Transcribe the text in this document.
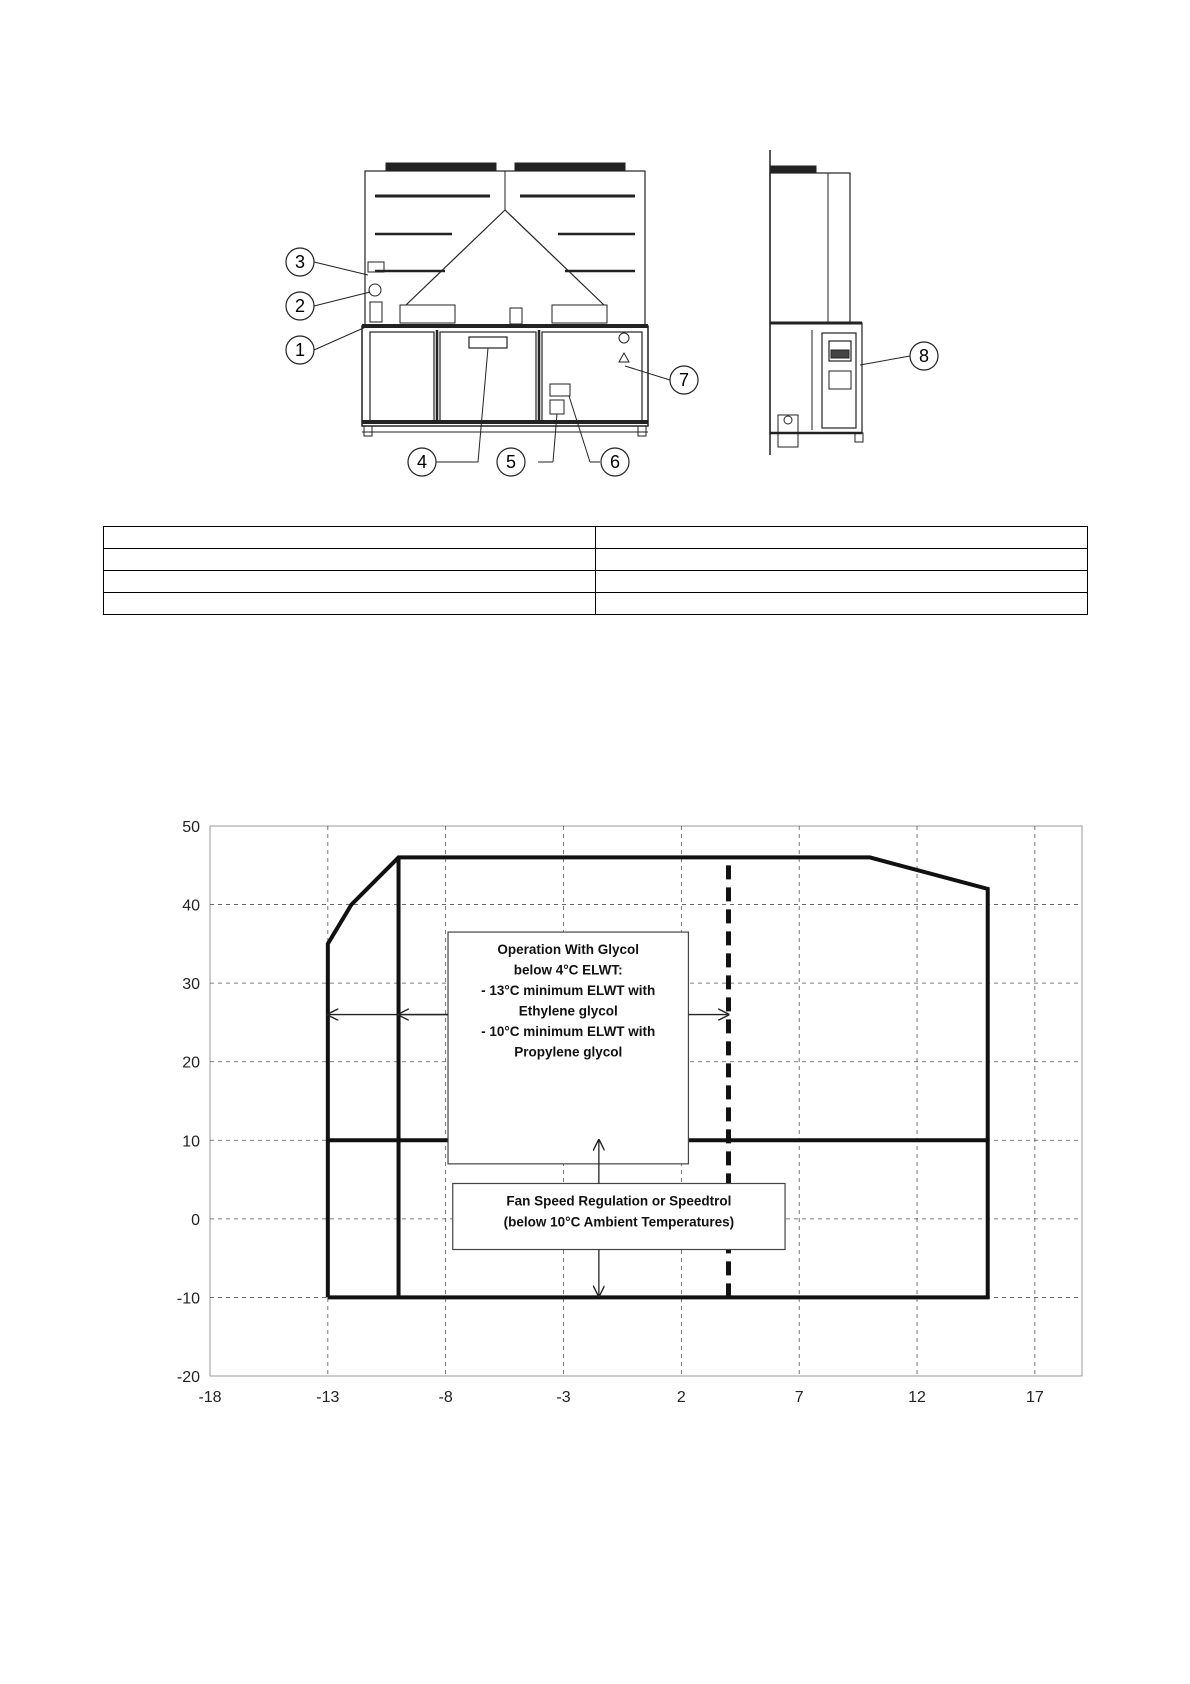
3
2
1
4	5	6
7
8

-18	-13	-8	-3	2	7	12	17
50
40
30
20
10
0
-10
-20
Operation With Glycol
below 4°C ELWT:
- 13°C minimum ELWT with
Ethylene glycol
- 10°C minimum ELWT with
Propylene glycol
Fan Speed Regulation or Speedtrol
(below 10°C Ambient Temperatures)
